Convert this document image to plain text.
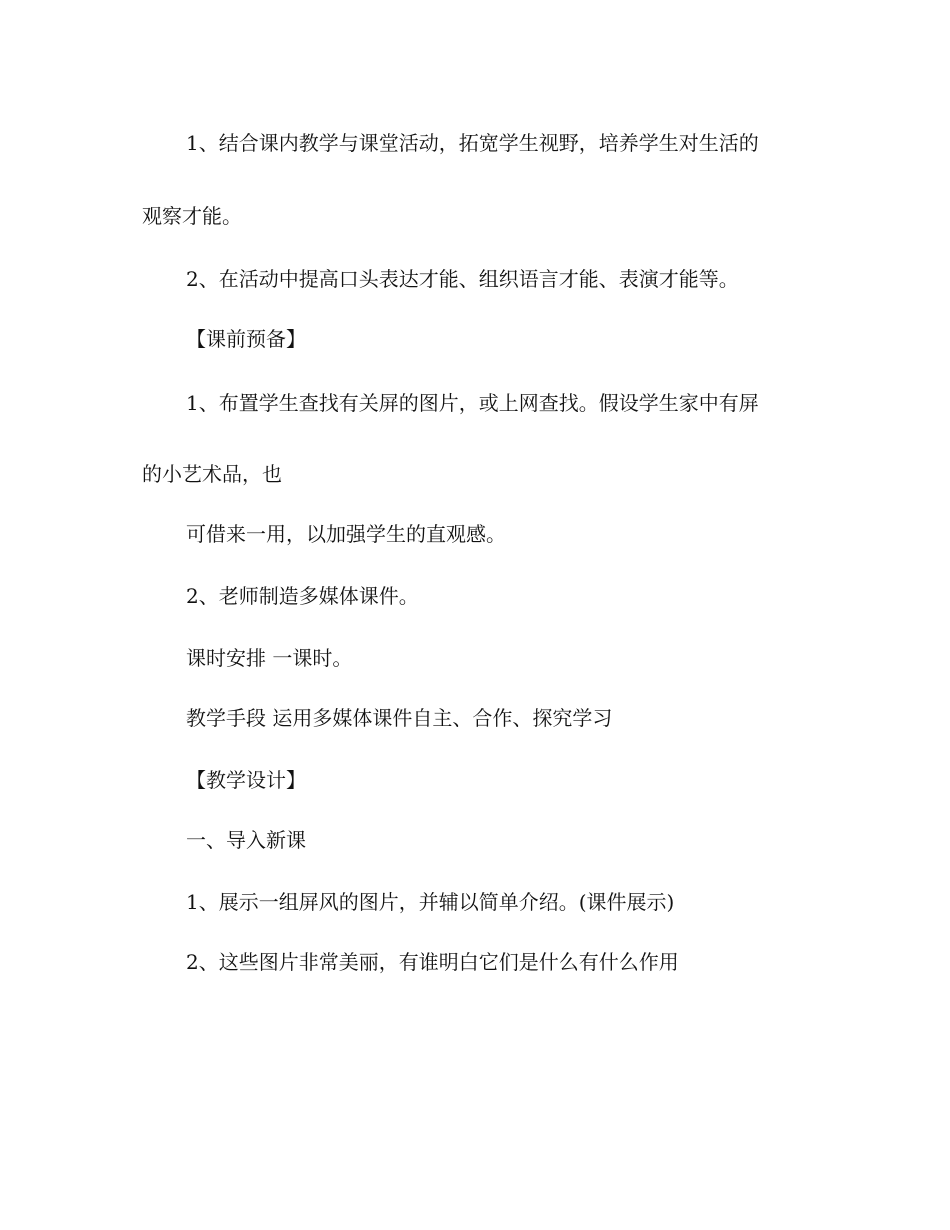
1、结合课内教学与课堂活动，拓宽学生视野，培养学生对生活的

观察才能。

2、在活动中提高口头表达才能、组织语言才能、表演才能等。

【课前预备】

1、布置学生查找有关屏的图片，或上网查找。假设学生家中有屏

的小艺术品，也

可借来一用，以加强学生的直观感。

2、老师制造多媒体课件。

课时安排 一课时。

教学手段 运用多媒体课件自主、合作、探究学习

【教学设计】

一、导入新课

1、展示一组屏风的图片，并辅以简单介绍。(课件展示)

2、这些图片非常美丽，有谁明白它们是什么有什么作用
